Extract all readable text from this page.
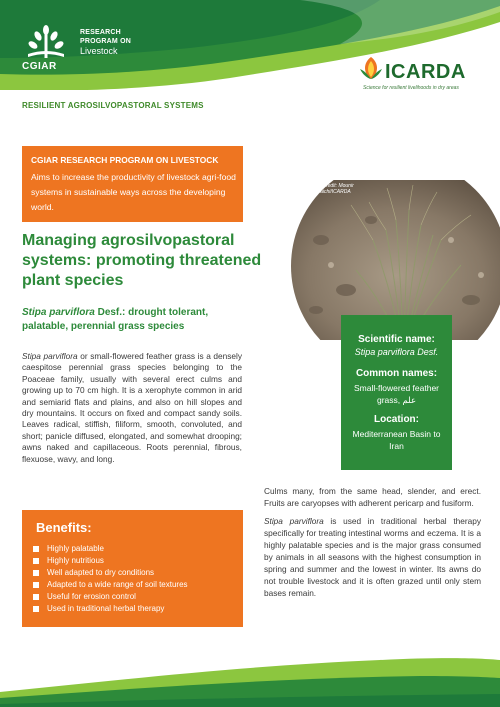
CGIAR
RESEARCH
PROGRAM ON
Livestock
ICARDA
Science for resilient livelihoods in dry areas
RESILIENT AGROSILVOPASTORAL SYSTEMS
CGIAR RESEARCH PROGRAM ON LIVESTOCK
Aims to increase the productivity of livestock agri-food systems in sustainable ways across the developing world.
Managing agrosilvopastoral systems: promoting threatened plant species
Stipa parviflora Desf.: drought tolerant, palatable, perennial grass species
Stipa parviflora or small-flowered feather grass is a densely caespitose perennial grass species belonging to the Poaceae family, usually with several erect culms and growing up to 70 cm high. It is a xerophyte common in arid and semiarid flats and plains, and also on hill slopes and dry mountains. It occurs on fixed and compact sandy soils. Leaves radical, stiffish, filiform, smooth, convoluted, and short; panicle diffused, elongated, and somewhat drooping; awns naked and capillaceous. Roots perennial, fibrous, flexuose, wavy, and long.
Benefits:
Highly palatable
Highly nutritious
Well adapted to dry conditions
Adapted to a wide range of soil textures
Useful for erosion control
Used in traditional herbal therapy
Photo credit: Mounir Louhaichi/ICARDA
Scientific name:
Stipa parviflora Desf.
Common names:
Small-flowered feather grass, علم
Location:
Mediterranean Basin to Iran

Culms many, from the same head, slender, and erect. Fruits are caryopses with adherent pericarp and fusiform.

Stipa parviflora is used in traditional herbal therapy specifically for treating intestinal worms and eczema. It is a highly palatable species and is the major grass consumed by animals in all seasons with the highest consumption in spring and summer and the lowest in winter. Its awns do not trouble livestock and it is often grazed until only stem bases remain.
